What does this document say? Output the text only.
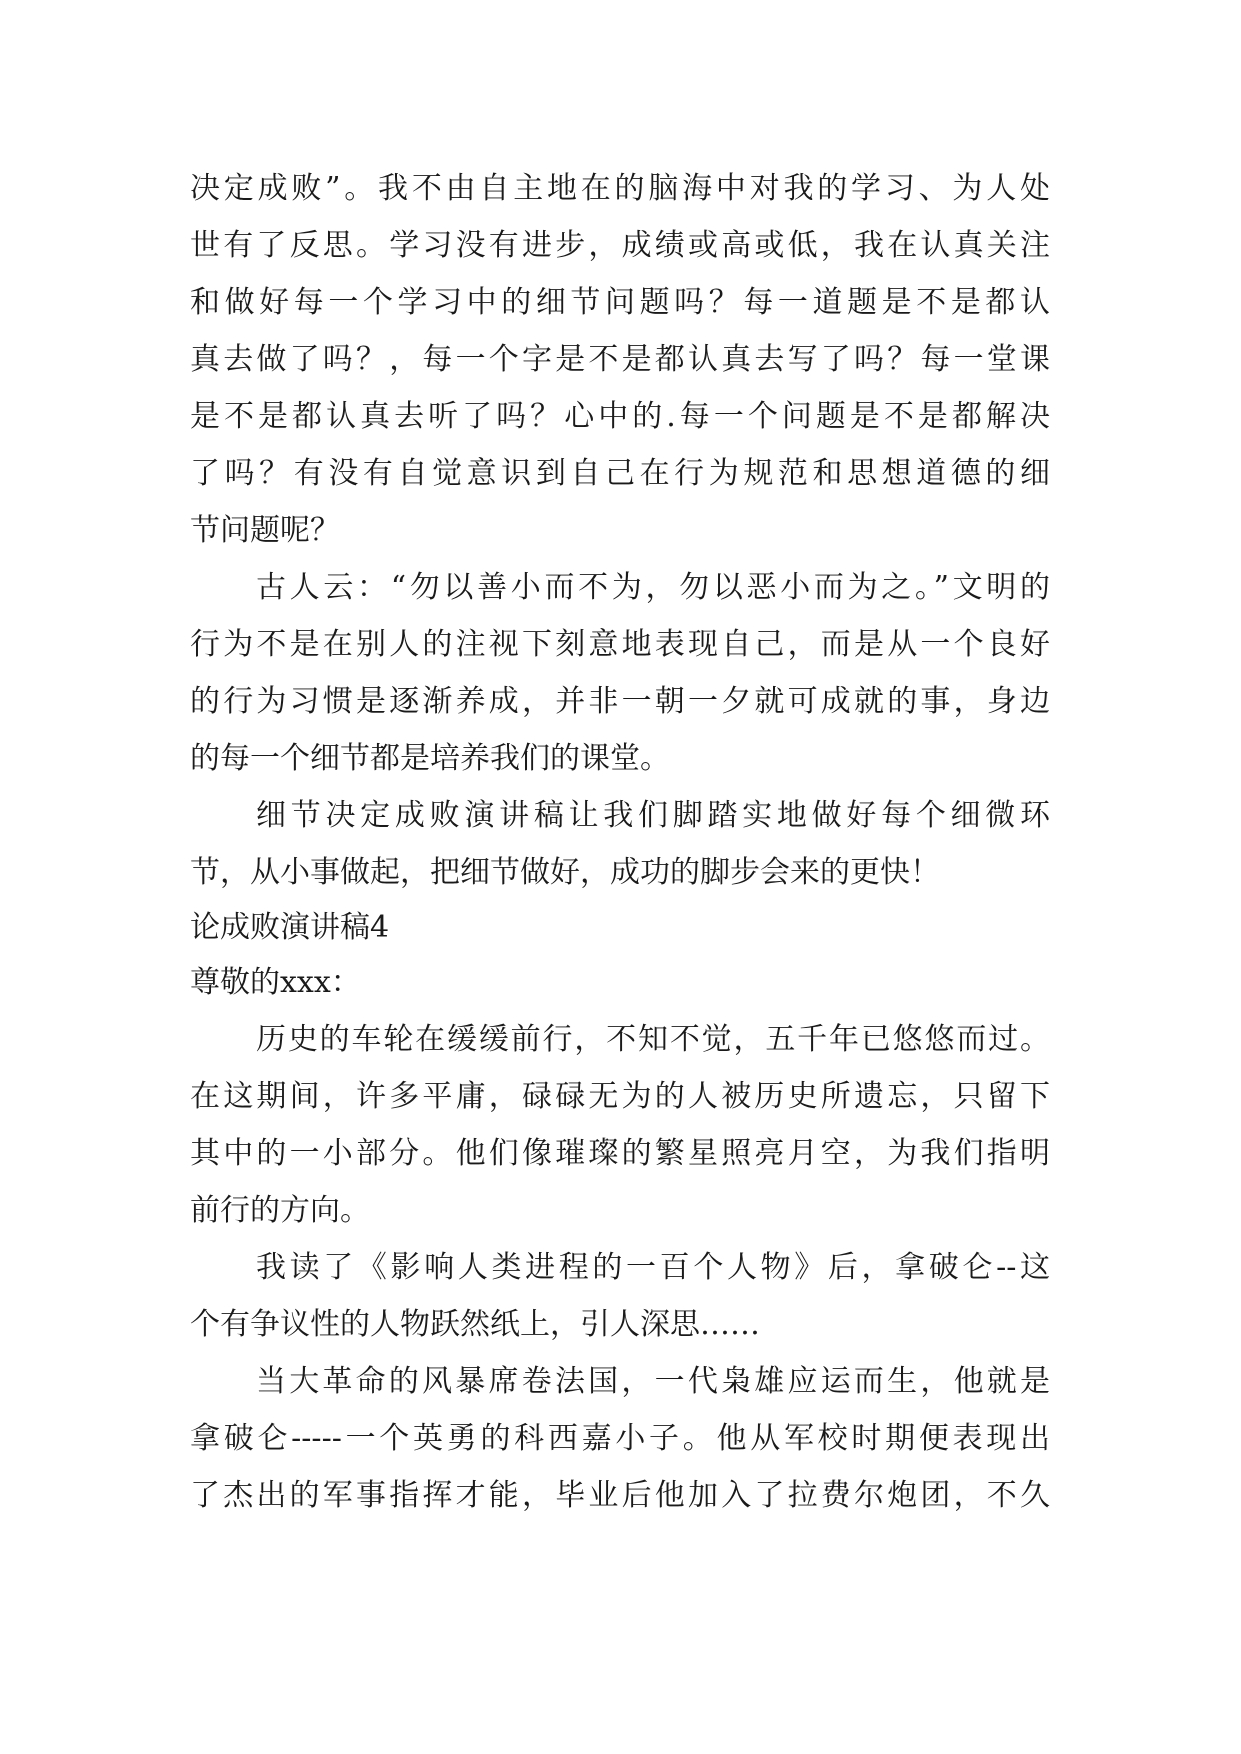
决定成败”。我不由自主地在的脑海中对我的学习、为人处
世有了反思。学习没有进步，成绩或高或低，我在认真关注
和做好每一个学习中的细节问题吗？每一道题是不是都认
真去做了吗？，每一个字是不是都认真去写了吗？每一堂课
是不是都认真去听了吗？心中的.每一个问题是不是都解决
了吗？有没有自觉意识到自己在行为规范和思想道德的细
节问题呢？
古人云：“勿以善小而不为，勿以恶小而为之。”文明的
行为不是在别人的注视下刻意地表现自己，而是从一个良好
的行为习惯是逐渐养成，并非一朝一夕就可成就的事，身边
的每一个细节都是培养我们的课堂。
细节决定成败演讲稿让我们脚踏实地做好每个细微环
节，从小事做起，把细节做好，成功的脚步会来的更快！
论成败演讲稿4
尊敬的xxx：
历史的车轮在缓缓前行，不知不觉，五千年已悠悠而过。
在这期间，许多平庸，碌碌无为的人被历史所遗忘，只留下
其中的一小部分。他们像璀璨的繁星照亮月空，为我们指明
前行的方向。
我读了《影响人类进程的一百个人物》后，拿破仑--这
个有争议性的人物跃然纸上，引人深思……
当大革命的风暴席卷法国，一代枭雄应运而生，他就是
拿破仑-----一个英勇的科西嘉小子。他从军校时期便表现出
了杰出的军事指挥才能，毕业后他加入了拉费尔炮团，不久
